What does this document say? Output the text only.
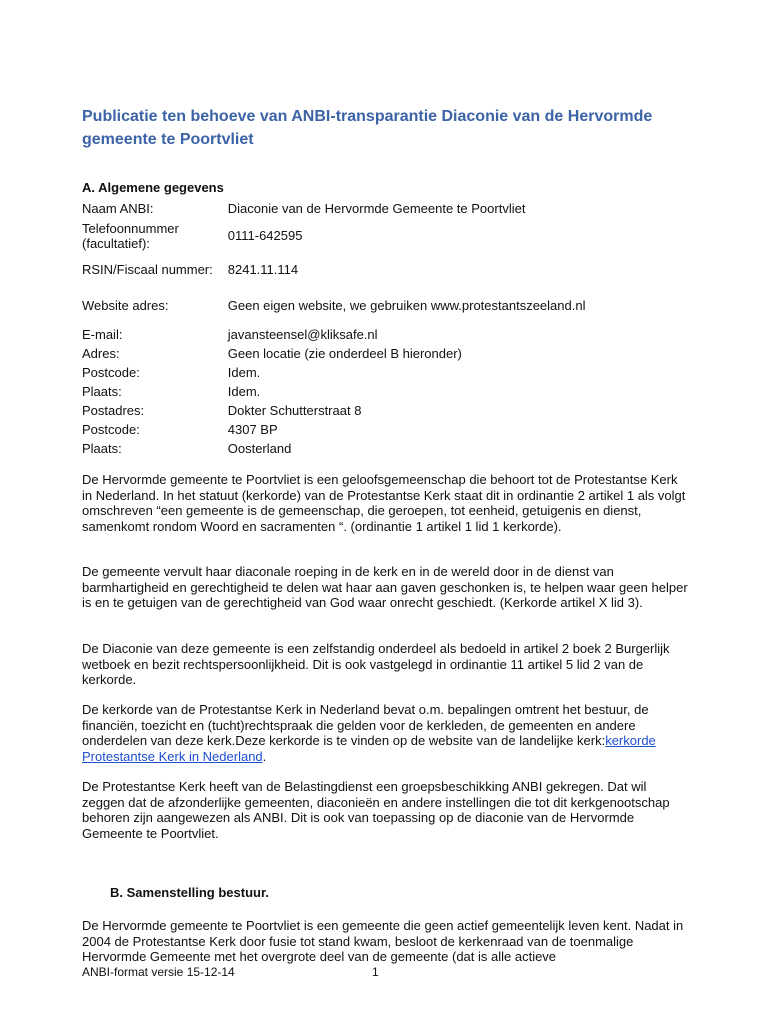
Publicatie ten behoeve van ANBI-transparantie Diaconie van de Hervormde gemeente te Poortvliet
A. Algemene gegevens
Naam ANBI:	Diaconie van de Hervormde Gemeente te Poortvliet
Telefoonnummer (facultatief):	0111-642595
RSIN/Fiscaal nummer:	8241.11.114
Website adres:	Geen eigen website, we gebruiken www.protestantszeeland.nl
E-mail:	javansteensel@kliksafe.nl
Adres:	Geen locatie (zie onderdeel B hieronder)
Postcode:	Idem.
Plaats:	Idem.
Postadres:	Dokter Schutterstraat 8
Postcode:	4307 BP
Plaats:	Oosterland

De Hervormde gemeente te Poortvliet is een geloofsgemeenschap die behoort tot de Protestantse Kerk in Nederland. In het statuut (kerkorde) van de Protestantse Kerk staat dit in ordinantie 2 artikel 1 als volgt omschreven “een gemeente is de gemeenschap, die geroepen, tot eenheid, getuigenis en dienst, samenkomt rondom Woord en sacramenten “. (ordinantie 1 artikel 1 lid 1 kerkorde).

De gemeente vervult haar diaconale roeping in de kerk en in de wereld door in de dienst van barmhartigheid en gerechtigheid te delen wat haar aan gaven geschonken is, te helpen waar geen helper is en te getuigen van de gerechtigheid van God waar onrecht geschiedt. (Kerkorde artikel X lid 3).

De Diaconie van deze gemeente is een zelfstandig onderdeel als bedoeld in artikel 2 boek 2 Burgerlijk wetboek en bezit rechtspersoonlijkheid. Dit is ook vastgelegd in ordinantie 11 artikel 5 lid 2 van de kerkorde.

De kerkorde van de Protestantse Kerk in Nederland bevat o.m. bepalingen omtrent het bestuur, de financiën, toezicht en (tucht)rechtspraak die gelden voor de kerkleden, de gemeenten en andere onderdelen van deze kerk.Deze kerkorde is te vinden op de website van de landelijke kerk:kerkorde Protestantse Kerk in Nederland.

De Protestantse Kerk heeft van de Belastingdienst een groepsbeschikking ANBI gekregen. Dat wil zeggen dat de afzonderlijke gemeenten, diaconieën en andere instellingen die tot dit kerkgenootschap behoren zijn aangewezen als ANBI. Dit is ook van toepassing op de diaconie van de Hervormde Gemeente te Poortvliet.

B. Samenstelling bestuur.

De Hervormde gemeente te Poortvliet is een gemeente die geen actief gemeentelijk leven kent. Nadat in 2004 de Protestantse Kerk door fusie tot stand kwam, besloot de kerkenraad van de toenmalige Hervormde Gemeente met het overgrote deel van de gemeente (dat is alle actieve

ANBI-format versie 15-12-14	1
